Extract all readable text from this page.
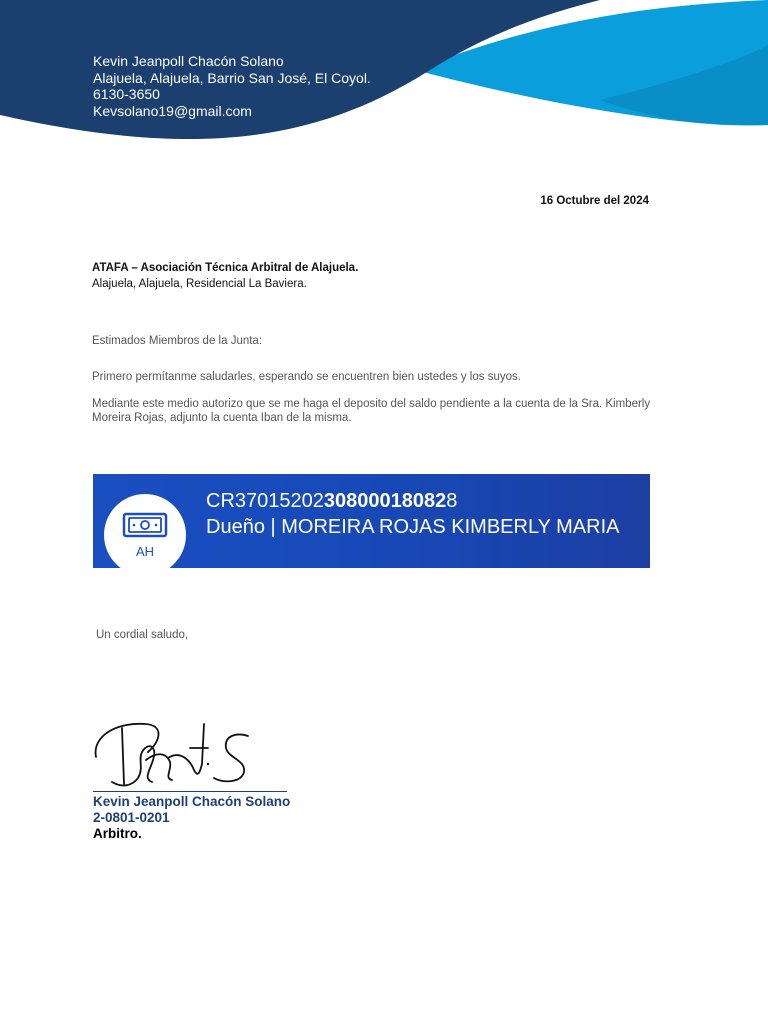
Kevin Jeanpoll Chacón Solano
Alajuela, Alajuela, Barrio San José, El Coyol.
6130-3650
Kevsolano19@gmail.com
16 Octubre del 2024
ATAFA – Asociación Técnica Arbitral de Alajuela.
Alajuela, Alajuela, Residencial La Baviera.
Estimados Miembros de la Junta:
Primero permítanme saludarles, esperando se encuentren bien ustedes y los suyos.
Mediante este medio autorizo que se me haga el deposito del saldo pendiente a la cuenta de la Sra. Kimberly Moreira Rojas, adjunto la cuenta Iban de la misma.
AH
CR37015202308000180828
Dueño | MOREIRA ROJAS KIMBERLY MARIA
Un cordial saludo,
Kevin Jeanpoll Chacón Solano
2-0801-0201
Arbitro.
